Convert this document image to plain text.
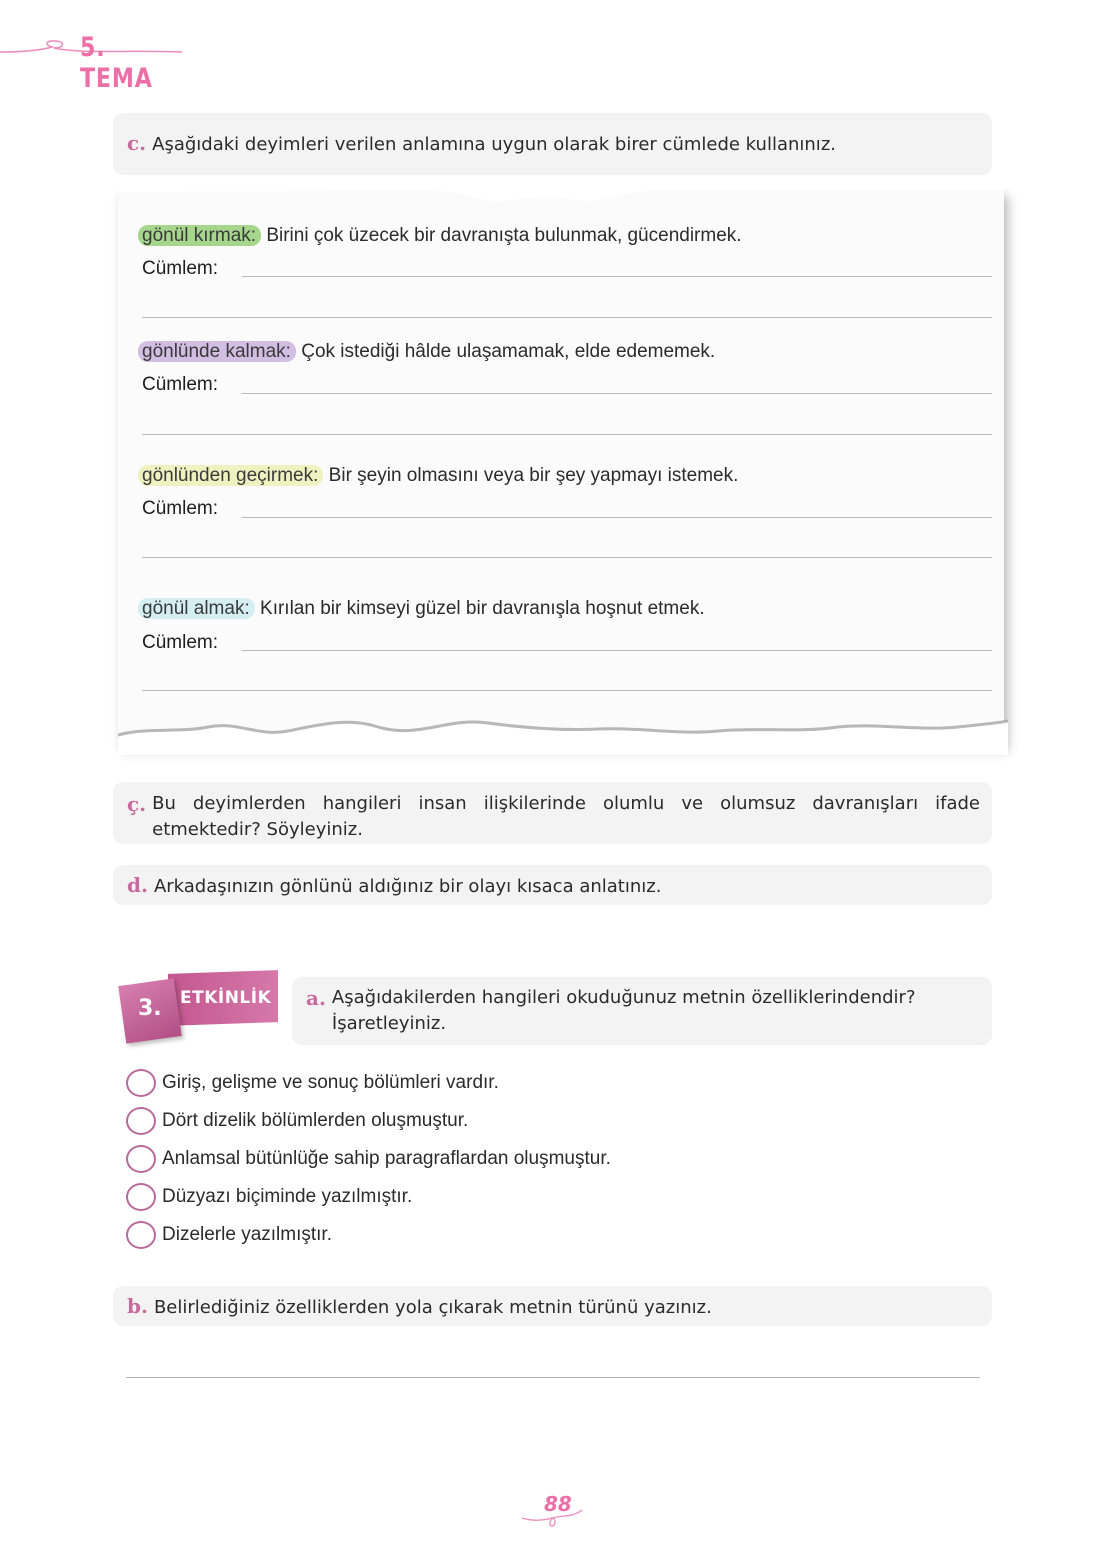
5. TEMA
c. Aşağıdaki deyimleri verilen anlamına uygun olarak birer cümlede kullanınız.
gönül kırmak: Birini çok üzecek bir davranışta bulunmak, gücendirmek.
Cümlem:
gönlünde kalmak: Çok istediği hâlde ulaşamamak, elde edememek.
Cümlem:
gönlünden geçirmek: Bir şeyin olmasını veya bir şey yapmayı istemek.
Cümlem:
gönül almak: Kırılan bir kimseyi güzel bir davranışla hoşnut etmek.
Cümlem:
ç. Bu deyimlerden hangileri insan ilişkilerinde olumlu ve olumsuz davranışları ifade etmektedir? Söyleyiniz.
d. Arkadaşınızın gönlünü aldığınız bir olayı kısaca anlatınız.
3. ETKİNLİK a. Aşağıdakilerden hangileri okuduğunuz metnin özelliklerindendir? İşaretleyiniz.
Giriş, gelişme ve sonuç bölümleri vardır.
Dört dizelik bölümlerden oluşmuştur.
Anlamsal bütünlüğe sahip paragraflardan oluşmuştur.
Düzyazı biçiminde yazılmıştır.
Dizelerle yazılmıştır.
b. Belirlediğiniz özelliklerden yola çıkarak metnin türünü yazınız.
88
